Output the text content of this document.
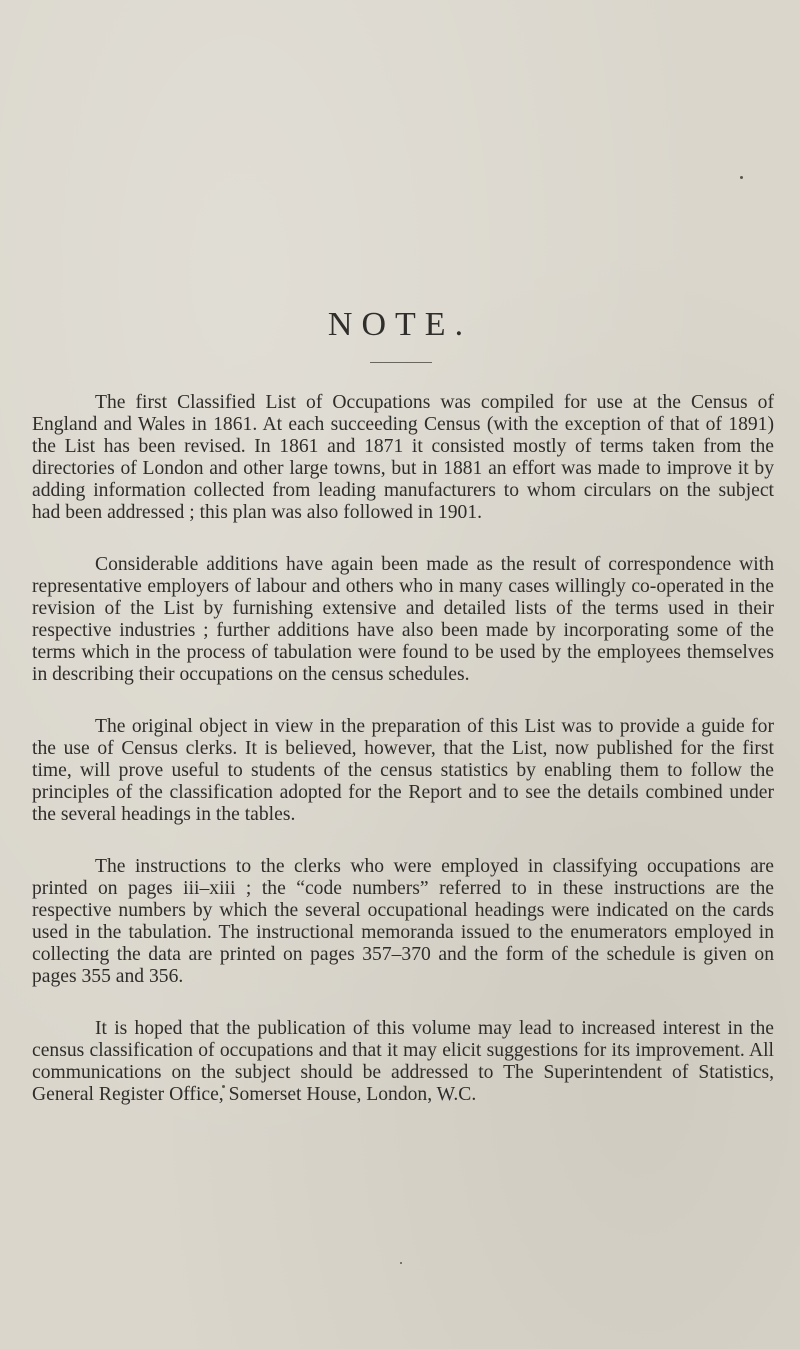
NOTE.

The first Classified List of Occupations was compiled for use at the Census of England and Wales in 1861. At each succeeding Census (with the exception of that of 1891) the List has been revised. In 1861 and 1871 it consisted mostly of terms taken from the directories of London and other large towns, but in 1881 an effort was made to improve it by adding information collected from leading manufacturers to whom circulars on the subject had been addressed ; this plan was also followed in 1901.

Considerable additions have again been made as the result of correspondence with representative employers of labour and others who in many cases willingly co-operated in the revision of the List by furnishing extensive and detailed lists of the terms used in their respective industries ; further additions have also been made by incorporating some of the terms which in the process of tabulation were found to be used by the employees themselves in describing their occupations on the census schedules.

The original object in view in the preparation of this List was to provide a guide for the use of Census clerks. It is believed, however, that the List, now published for the first time, will prove useful to students of the census statistics by enabling them to follow the principles of the classification adopted for the Report and to see the details combined under the several headings in the tables.

The instructions to the clerks who were employed in classifying occupations are printed on pages iii–xiii ; the “code numbers” referred to in these instructions are the respective numbers by which the several occupational headings were indicated on the cards used in the tabulation. The instructional memoranda issued to the enumerators employed in collecting the data are printed on pages 357–370 and the form of the schedule is given on pages 355 and 356.

It is hoped that the publication of this volume may lead to increased interest in the census classification of occupations and that it may elicit suggestions for its improvement. All communications on the subject should be addressed to The Superintendent of Statistics, General Register Office, Somerset House, London, W.C.
